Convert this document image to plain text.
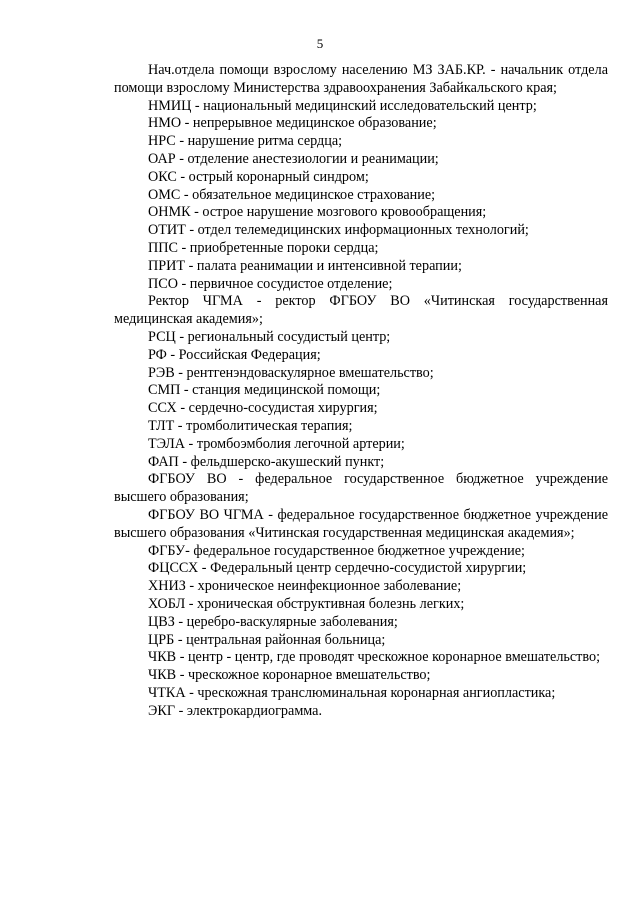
5

Нач.отдела помощи взрослому населению МЗ ЗАБ.КР. - начальник отдела помощи взрослому Министерства здравоохранения Забайкальского края;

НМИЦ - национальный медицинский исследовательский центр;

НМО - непрерывное медицинское образование;

НРС - нарушение ритма сердца;

ОАР - отделение анестезиологии и реанимации;

ОКС - острый коронарный синдром;

ОМС - обязательное медицинское страхование;

ОНМК - острое нарушение мозгового кровообращения;

ОТИТ - отдел телемедицинских информационных технологий;

ППС - приобретенные пороки сердца;

ПРИТ - палата реанимации и интенсивной терапии;

ПСО - первичное сосудистое отделение;

Ректор ЧГМА - ректор ФГБОУ ВО «Читинская государственная медицинская академия»;

РСЦ - региональный сосудистый центр;

РФ - Российская Федерация;

РЭВ - рентгенэндоваскулярное вмешательство;

СМП - станция медицинской помощи;

ССХ - сердечно-сосудистая хирургия;

ТЛТ - тромболитическая терапия;

ТЭЛА - тромбоэмболия легочной артерии;

ФАП - фельдшерско-акушеский пункт;

ФГБОУ ВО - федеральное государственное бюджетное учреждение высшего образования;

ФГБОУ ВО ЧГМА - федеральное государственное бюджетное учреждение высшего образования «Читинская государственная медицинская академия»;

ФГБУ- федеральное государственное бюджетное учреждение;

ФЦССХ - Федеральный центр сердечно-сосудистой хирургии;

ХНИЗ - хроническое неинфекционное заболевание;

ХОБЛ - хроническая обструктивная болезнь легких;

ЦВЗ - церебро-васкулярные заболевания;

ЦРБ - центральная районная больница;

ЧКВ - центр - центр, где проводят чрескожное коронарное вмешательство;

ЧКВ - чрескожное коронарное вмешательство;

ЧТКА - чрескожная транслюминальная коронарная ангиопластика;

ЭКГ - электрокардиограмма.
